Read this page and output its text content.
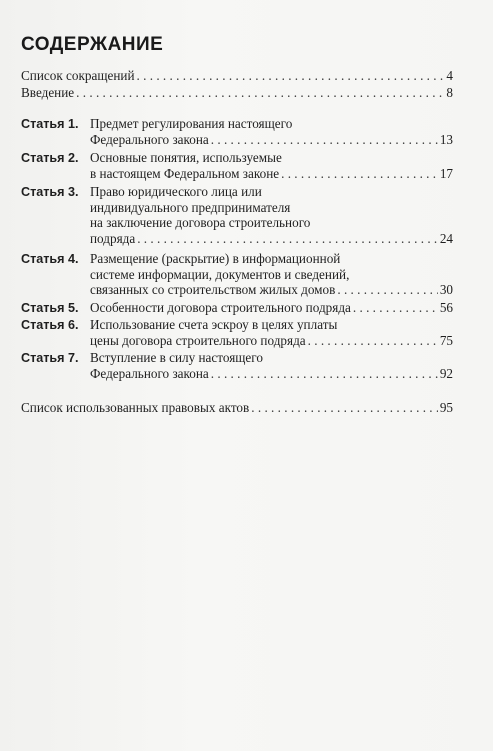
СОДЕРЖАНИЕ
Список сокращений . . .	4
Введение . . .	8
Статья 1. Предмет регулирования настоящего
Федерального закона . . .	13
Статья 2. Основные понятия, используемые
в настоящем Федеральном законе . . .	17
Статья 3. Право юридического лица или
индивидуального предпринимателя
на заключение договора строительного
подряда . . .	24
Статья 4. Размещение (раскрытие) в информационной
системе информации, документов и сведений,
связанных со строительством жилых домов . . .	30
Статья 5. Особенности договора строительного подряда . . .	56
Статья 6. Использование счета эскроу в целях уплаты
цены договора строительного подряда . . .	75
Статья 7. Вступление в силу настоящего
Федерального закона . . .	92
Список использованных правовых актов . . .	95
